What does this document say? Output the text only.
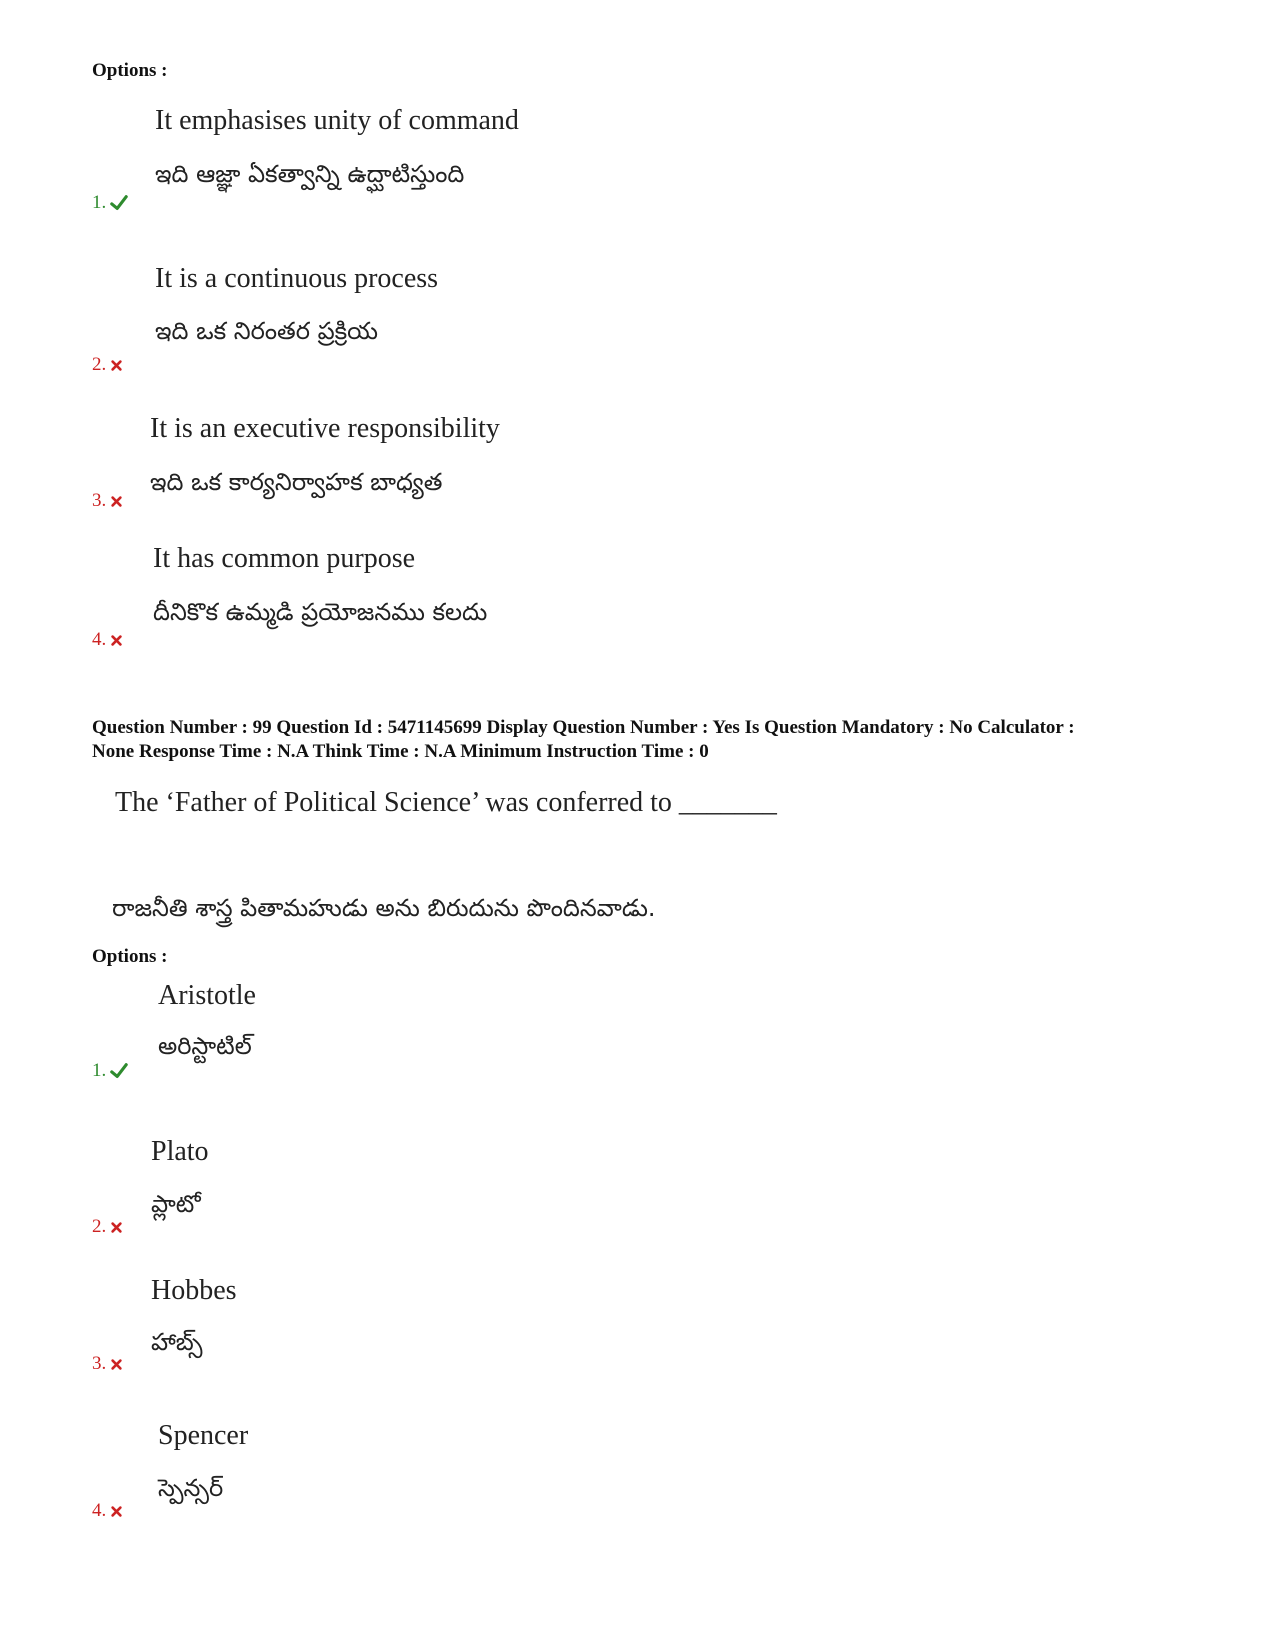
Options :
It emphasises unity of command
ఇది ఆజ్ఞా ఏకత్వాన్ని ఉద్ఘాటిస్తుంది
1.
It is a continuous process
ఇది ఒక నిరంతర ప్రక్రియ
2.
It is an executive responsibility
ఇది ఒక కార్యనిర్వాహక బాధ్యత
3.
It has common purpose
దీనికొక ఉమ్మడి ప్రయోజనము కలదు
4.
Question Number : 99 Question Id : 5471145699 Display Question Number : Yes Is Question Mandatory : No Calculator :
None Response Time : N.A Think Time : N.A Minimum Instruction Time : 0
The ‘Father of Political Science’ was conferred to _______
రాజనీతి శాస్త్ర పితామహుడు అను బిరుదును పొందినవాడు.
Options :
Aristotle
అరిస్టాటిల్
1.
Plato
ప్లాటో
2.
Hobbes
హాబ్స్
3.
Spencer
స్పెన్సర్
4.
